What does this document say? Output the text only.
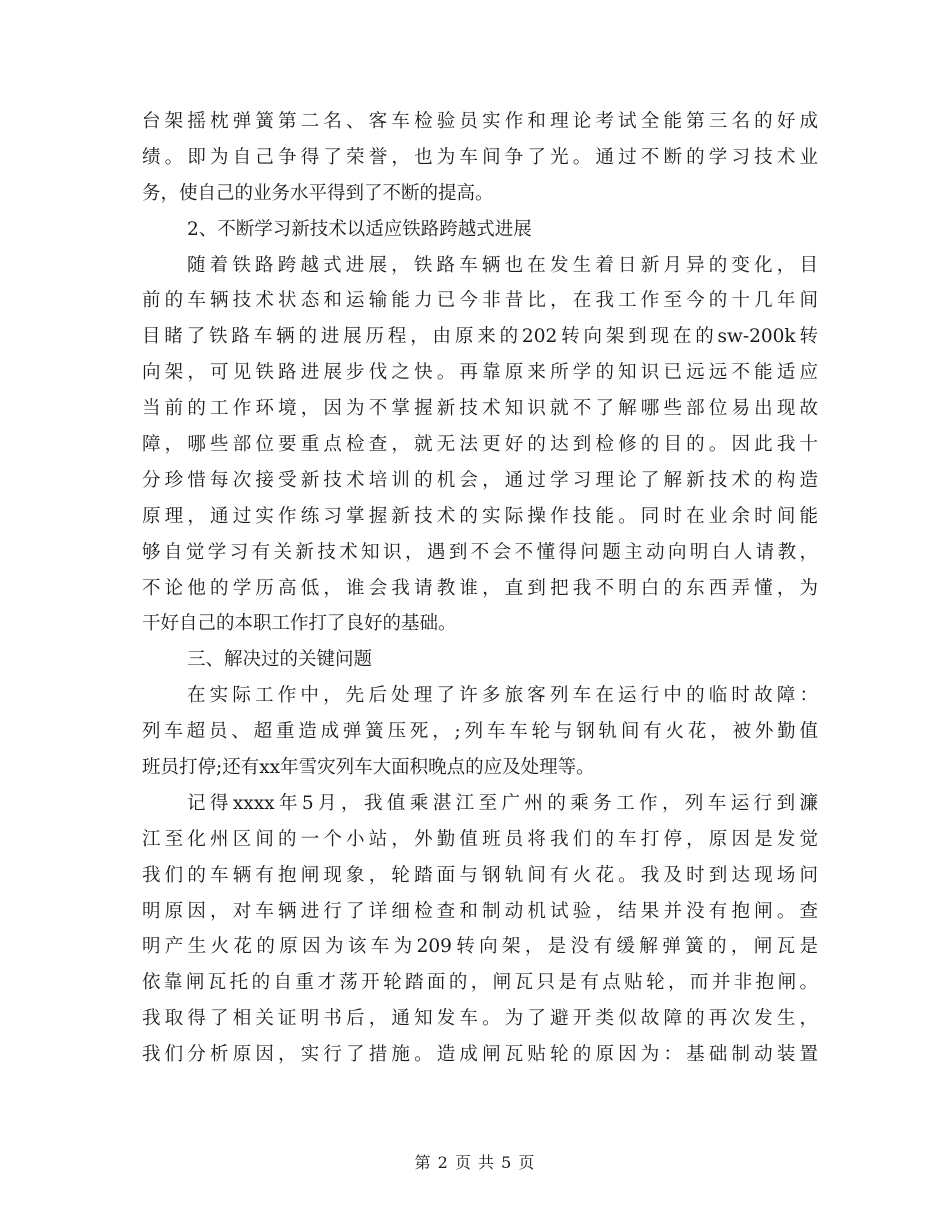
台架摇枕弹簧第二名、客车检验员实作和理论考试全能第三名的好成
绩。即为自己争得了荣誉，也为车间争了光。通过不断的学习技术业
务，使自己的业务水平得到了不断的提高。
2、不断学习新技术以适应铁路跨越式进展
随着铁路跨越式进展，铁路车辆也在发生着日新月异的变化，目
前的车辆技术状态和运输能力已今非昔比，在我工作至今的十几年间
目睹了铁路车辆的进展历程，由原来的202转向架到现在的sw-200k转
向架，可见铁路进展步伐之快。再靠原来所学的知识已远远不能适应
当前的工作环境，因为不掌握新技术知识就不了解哪些部位易出现故
障，哪些部位要重点检查，就无法更好的达到检修的目的。因此我十
分珍惜每次接受新技术培训的机会，通过学习理论了解新技术的构造
原理，通过实作练习掌握新技术的实际操作技能。同时在业余时间能
够自觉学习有关新技术知识，遇到不会不懂得问题主动向明白人请教，
不论他的学历高低，谁会我请教谁，直到把我不明白的东西弄懂，为
干好自己的本职工作打了良好的基础。
三、解决过的关键问题
在实际工作中，先后处理了许多旅客列车在运行中的临时故障：
列车超员、超重造成弹簧压死，;列车车轮与钢轨间有火花，被外勤值
班员打停;还有xx年雪灾列车大面积晚点的应及处理等。
记得xxxx年5月，我值乘湛江至广州的乘务工作，列车运行到濂
江至化州区间的一个小站，外勤值班员将我们的车打停，原因是发觉
我们的车辆有抱闸现象，轮踏面与钢轨间有火花。我及时到达现场问
明原因，对车辆进行了详细检查和制动机试验，结果并没有抱闸。查
明产生火花的原因为该车为209转向架，是没有缓解弹簧的，闸瓦是
依靠闸瓦托的自重才荡开轮踏面的，闸瓦只是有点贴轮，而并非抱闸。
我取得了相关证明书后，通知发车。为了避开类似故障的再次发生，
我们分析原因，实行了措施。造成闸瓦贴轮的原因为：基础制动装置
第 2 页 共 5 页
